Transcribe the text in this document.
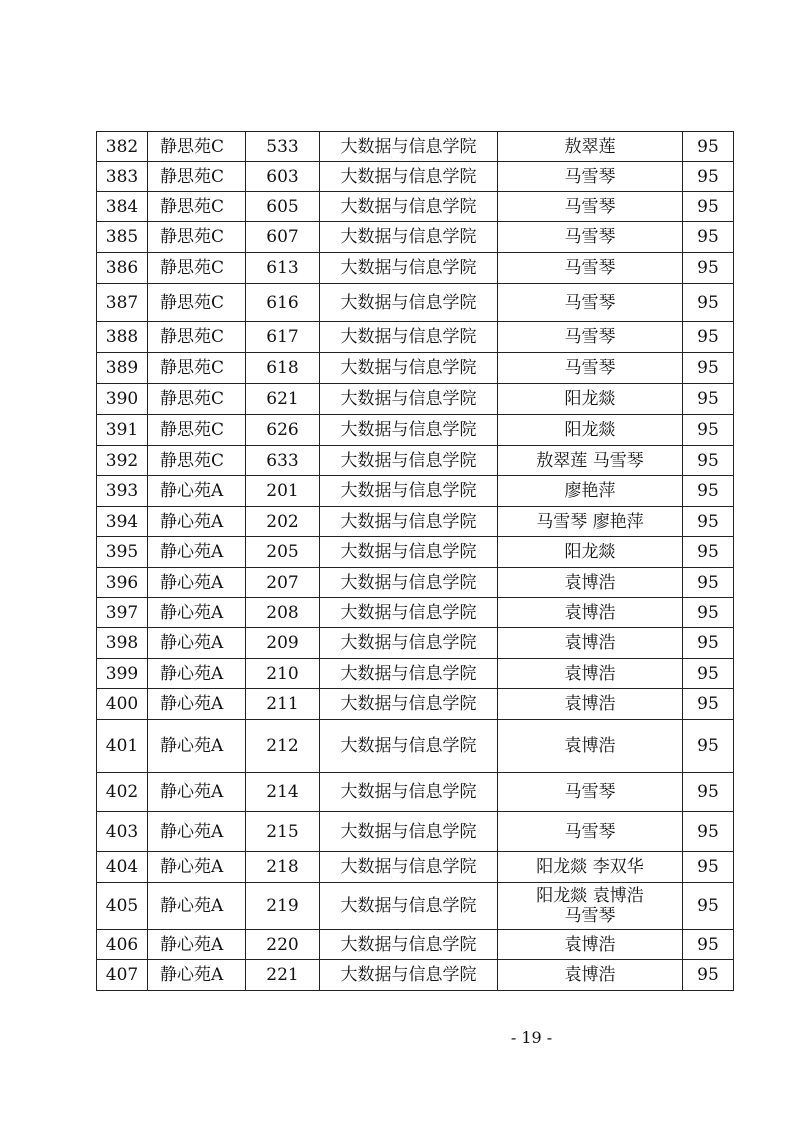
382	静思苑C	533	大数据与信息学院	敖翠莲	95
383	静思苑C	603	大数据与信息学院	马雪琴	95
384	静思苑C	605	大数据与信息学院	马雪琴	95
385	静思苑C	607	大数据与信息学院	马雪琴	95
386	静思苑C	613	大数据与信息学院	马雪琴	95
387	静思苑C	616	大数据与信息学院	马雪琴	95
388	静思苑C	617	大数据与信息学院	马雪琴	95
389	静思苑C	618	大数据与信息学院	马雪琴	95
390	静思苑C	621	大数据与信息学院	阳龙燚	95
391	静思苑C	626	大数据与信息学院	阳龙燚	95
392	静思苑C	633	大数据与信息学院	敖翠莲 马雪琴	95
393	静心苑A	201	大数据与信息学院	廖艳萍	95
394	静心苑A	202	大数据与信息学院	马雪琴 廖艳萍	95
395	静心苑A	205	大数据与信息学院	阳龙燚	95
396	静心苑A	207	大数据与信息学院	袁博浩	95
397	静心苑A	208	大数据与信息学院	袁博浩	95
398	静心苑A	209	大数据与信息学院	袁博浩	95
399	静心苑A	210	大数据与信息学院	袁博浩	95
400	静心苑A	211	大数据与信息学院	袁博浩	95
401	静心苑A	212	大数据与信息学院	袁博浩	95
402	静心苑A	214	大数据与信息学院	马雪琴	95
403	静心苑A	215	大数据与信息学院	马雪琴	95
404	静心苑A	218	大数据与信息学院	阳龙燚 李双华	95
405	静心苑A	219	大数据与信息学院	阳龙燚 袁博浩 马雪琴	95
406	静心苑A	220	大数据与信息学院	袁博浩	95
407	静心苑A	221	大数据与信息学院	袁博浩	95
- 19 -
